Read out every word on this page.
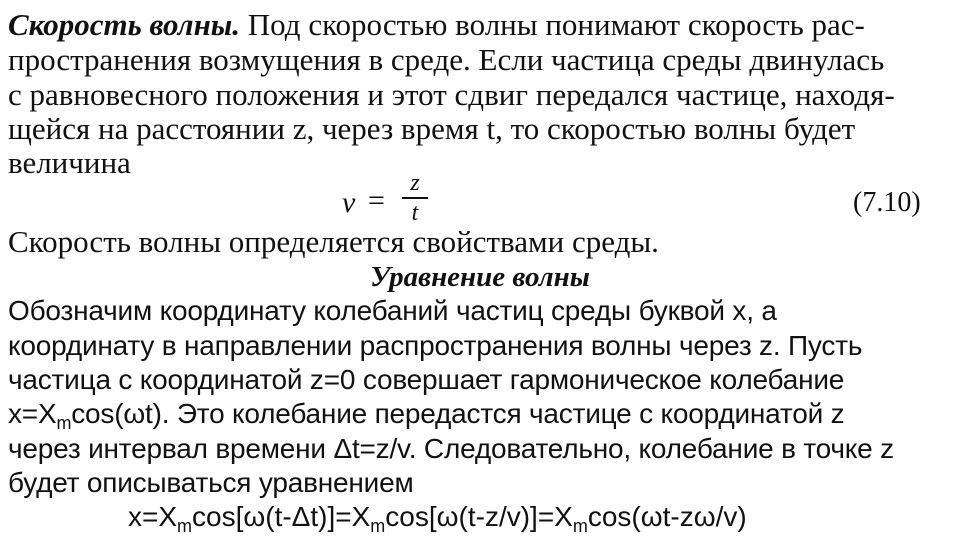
Скорость волны. Под скоростью волны понимают скорость рас-
пространения возмущения в среде. Если частица среды двинулась
с равновесного положения и этот сдвиг передался частице, находя-
щейся на расстоянии z, через время t, то скоростью волны будет
величина
v =
z
t	(7.10)
Скорость волны определяется свойствами среды.
Уравнение волны
Обозначим координату колебаний частиц среды буквой x, а
координату в направлении распространения волны через z. Пусть
частица с координатой z=0 совершает гармоническое колебание
$x=X_m\cos(\omega t)$. Это колебание передастся частице с координатой z
через интервал времени Δt=z/v. Следовательно, колебание в точке z
будет описываться уравнением
$x=X_m\cos[\omega(t-\Delta t)]=X_m\cos[\omega(t-z/v)]=X_m\cos(\omega t-z\omega/v)$
